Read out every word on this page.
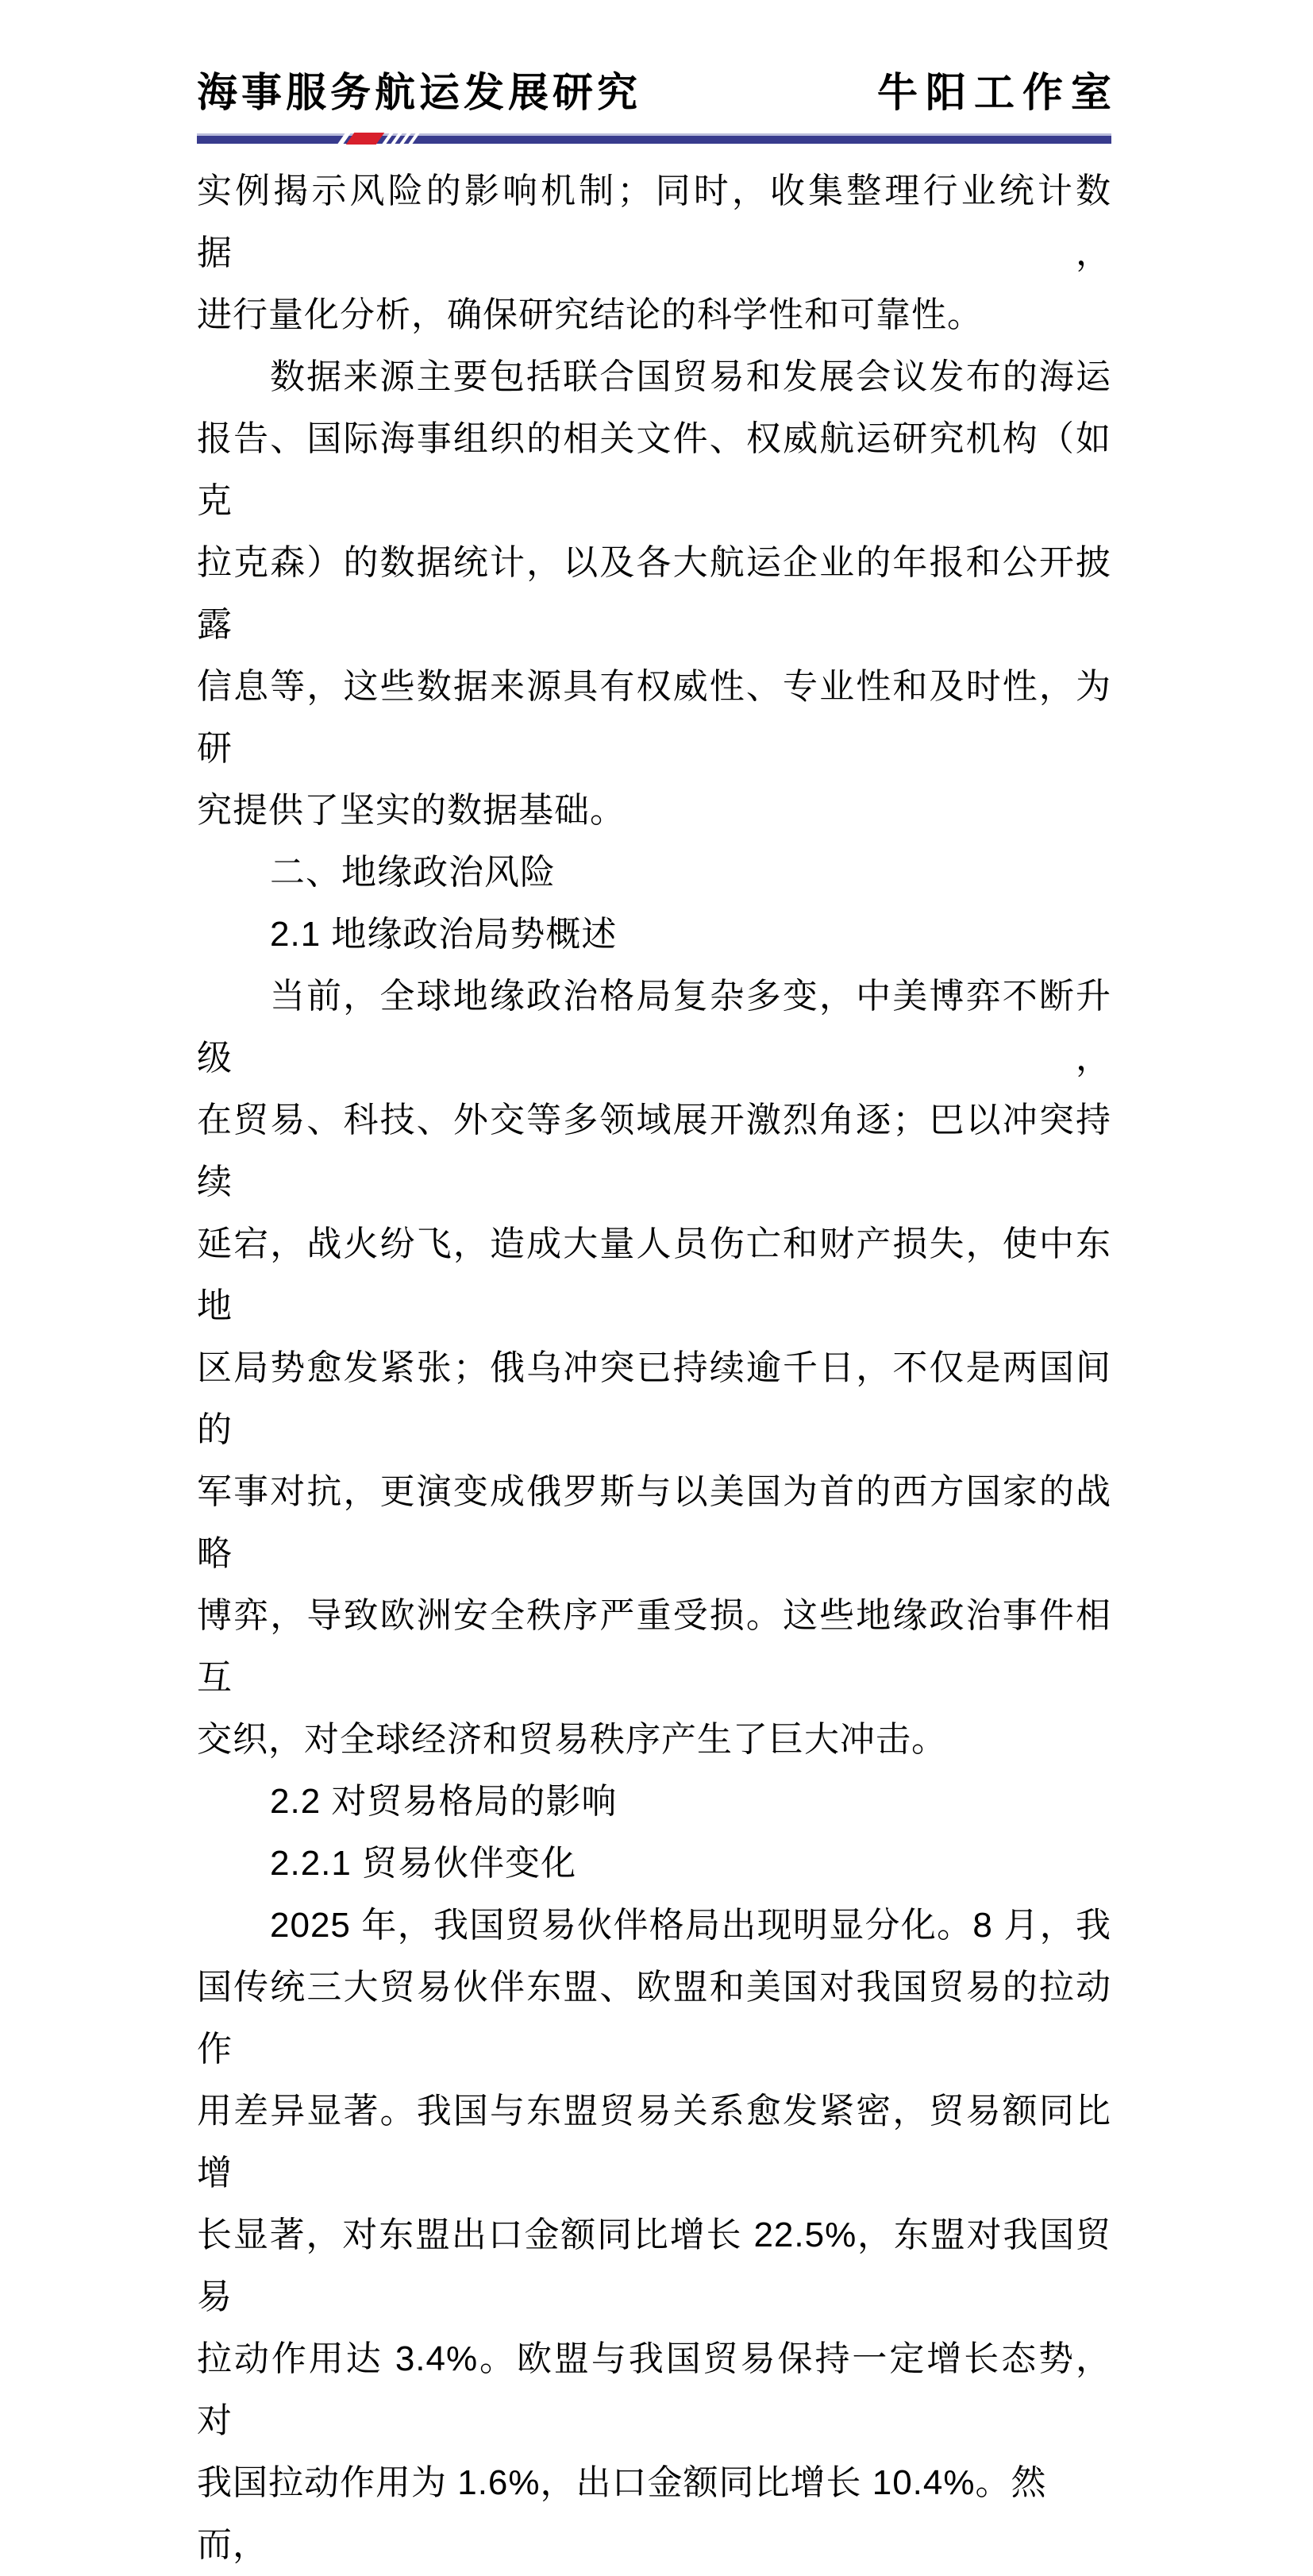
海事服务航运发展研究	牛阳工作室
实例揭示风险的影响机制；同时，收集整理行业统计数据，
进行量化分析，确保研究结论的科学性和可靠性。
数据来源主要包括联合国贸易和发展会议发布的海运
报告、国际海事组织的相关文件、权威航运研究机构（如克
拉克森）的数据统计，以及各大航运企业的年报和公开披露
信息等，这些数据来源具有权威性、专业性和及时性，为研
究提供了坚实的数据基础。
二、地缘政治风险
2.1 地缘政治局势概述
当前，全球地缘政治格局复杂多变，中美博弈不断升级，
在贸易、科技、外交等多领域展开激烈角逐；巴以冲突持续
延宕，战火纷飞，造成大量人员伤亡和财产损失，使中东地
区局势愈发紧张；俄乌冲突已持续逾千日，不仅是两国间的
军事对抗，更演变成俄罗斯与以美国为首的西方国家的战略
博弈，导致欧洲安全秩序严重受损。这些地缘政治事件相互
交织，对全球经济和贸易秩序产生了巨大冲击。
2.2 对贸易格局的影响
2.2.1 贸易伙伴变化
2025 年，我国贸易伙伴格局出现明显分化。8 月，我
国传统三大贸易伙伴东盟、欧盟和美国对我国贸易的拉动作
用差异显著。我国与东盟贸易关系愈发紧密，贸易额同比增
长显著，对东盟出口金额同比增长 22.5%，东盟对我国贸易
拉动作用达 3.4%。欧盟与我国贸易保持一定增长态势，对
我国拉动作用为 1.6%，出口金额同比增长 10.4%。然而，
